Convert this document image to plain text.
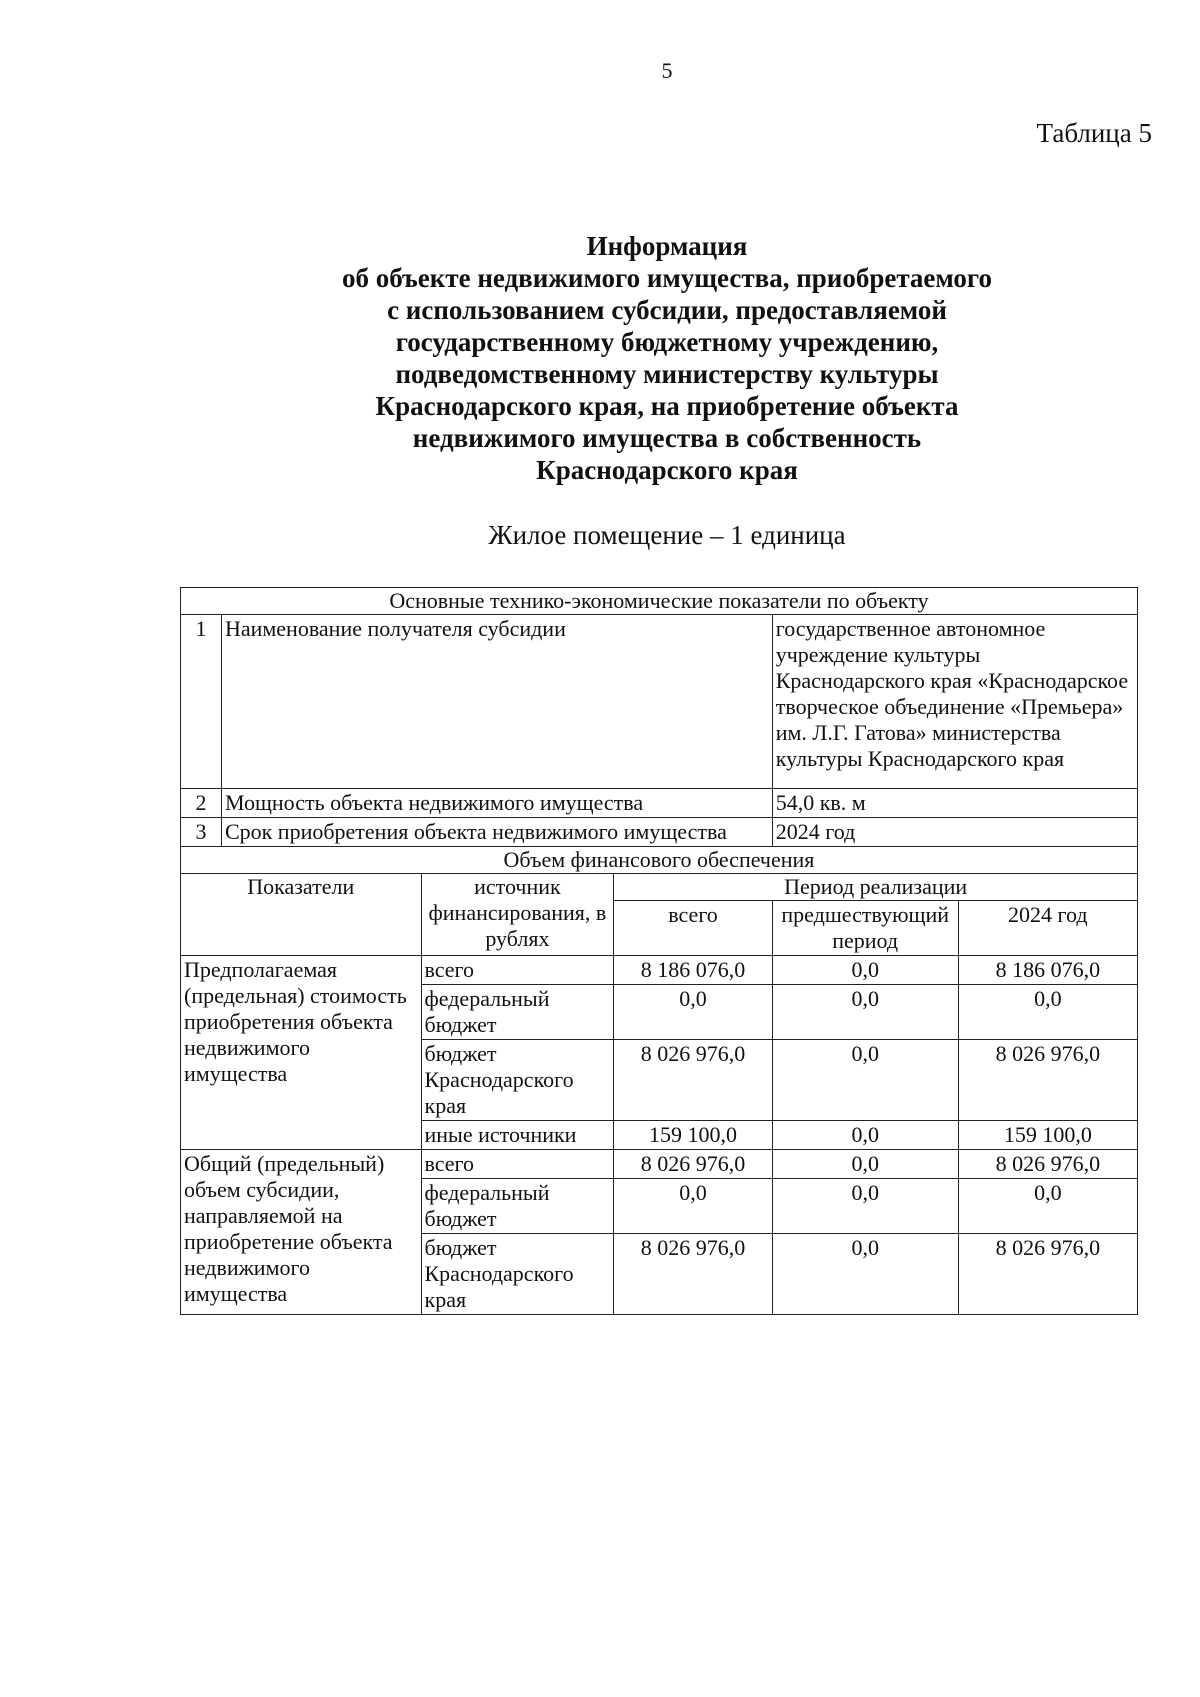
5
Таблица 5
Информация
об объекте недвижимого имущества, приобретаемого
с использованием субсидии, предоставляемой
государственному бюджетному учреждению,
подведомственному министерству культуры
Краснодарского края, на приобретение объекта
недвижимого имущества в собственность
Краснодарского края
Жилое помещение – 1 единица
Основные технико-экономические показатели по объекту					
1	Наименование получателя субсидии			государственное автономное учреждение культуры Краснодарского края «Краснодарское творческое объединение «Премьера» им. Л.Г. Гатова» министерства культуры Краснодарского края	
2	Мощность объекта недвижимого имущества			54,0 кв. м	
3	Срок приобретения объекта недвижимого имущества			2024 год	
Объем финансового обеспечения					
Показатели		источник финансирования, в рублях	Период реализации		
			всего	предшествующий период	2024 год
Предполагаемая (предельная) стоимость приобретения объекта недвижимого имущества		всего	8 186 076,0	0,0	8 186 076,0
		федеральный бюджет	0,0	0,0	0,0
		бюджет Краснодарского края	8 026 976,0	0,0	8 026 976,0
		иные источники	159 100,0	0,0	159 100,0
Общий (предельный) объем субсидии, направляемой на приобретение объекта недвижимого имущества		всего	8 026 976,0	0,0	8 026 976,0
		федеральный бюджет	0,0	0,0	0,0
		бюджет Краснодарского края	8 026 976,0	0,0	8 026 976,0
